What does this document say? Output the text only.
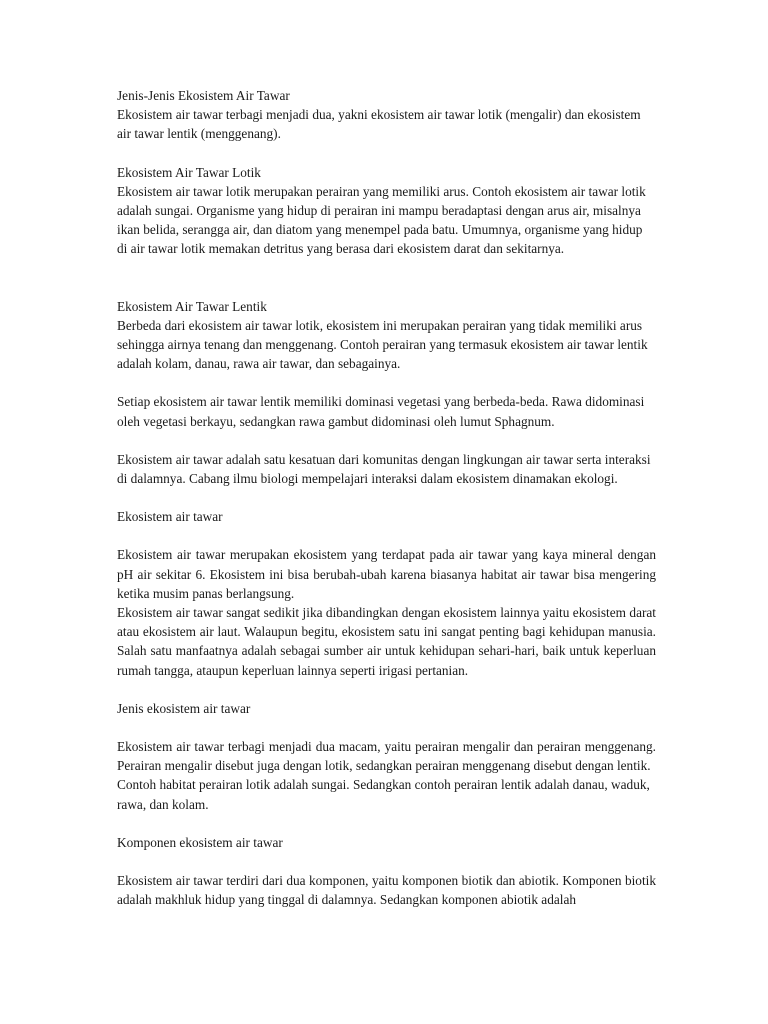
Jenis-Jenis Ekosistem Air Tawar

Ekosistem air tawar terbagi menjadi dua, yakni ekosistem air tawar lotik (mengalir) dan ekosistem air tawar lentik (menggenang).

Ekosistem Air Tawar Lotik

Ekosistem air tawar lotik merupakan perairan yang memiliki arus. Contoh ekosistem air tawar lotik adalah sungai. Organisme yang hidup di perairan ini mampu beradaptasi dengan arus air, misalnya ikan belida, serangga air, dan diatom yang menempel pada batu. Umumnya, organisme yang hidup di air tawar lotik memakan detritus yang berasa dari ekosistem darat dan sekitarnya.

Ekosistem Air Tawar Lentik

Berbeda dari ekosistem air tawar lotik, ekosistem ini merupakan perairan yang tidak memiliki arus sehingga airnya tenang dan menggenang. Contoh perairan yang termasuk ekosistem air tawar lentik adalah kolam, danau, rawa air tawar, dan sebagainya.

Setiap ekosistem air tawar lentik memiliki dominasi vegetasi yang berbeda-beda. Rawa didominasi oleh vegetasi berkayu, sedangkan rawa gambut didominasi oleh lumut Sphagnum.

Ekosistem air tawar adalah satu kesatuan dari komunitas dengan lingkungan air tawar serta interaksi di dalamnya. Cabang ilmu biologi mempelajari interaksi dalam ekosistem dinamakan ekologi.

Ekosistem air tawar

Ekosistem air tawar merupakan ekosistem yang terdapat pada air tawar yang kaya mineral dengan pH air sekitar 6. Ekosistem ini bisa berubah-ubah karena biasanya habitat air tawar bisa mengering ketika musim panas berlangsung.

Ekosistem air tawar sangat sedikit jika dibandingkan dengan ekosistem lainnya yaitu ekosistem darat atau ekosistem air laut. Walaupun begitu, ekosistem satu ini sangat penting bagi kehidupan manusia. Salah satu manfaatnya adalah sebagai sumber air untuk kehidupan sehari-hari, baik untuk keperluan rumah tangga, ataupun keperluan lainnya seperti irigasi pertanian.

Jenis ekosistem air tawar

Ekosistem air tawar terbagi menjadi dua macam, yaitu perairan mengalir dan perairan menggenang. Perairan mengalir disebut juga dengan lotik, sedangkan perairan menggenang disebut dengan lentik.

Contoh habitat perairan lotik adalah sungai. Sedangkan contoh perairan lentik adalah danau, waduk, rawa, dan kolam.

Komponen ekosistem air tawar

Ekosistem air tawar terdiri dari dua komponen, yaitu komponen biotik dan abiotik. Komponen biotik adalah makhluk hidup yang tinggal di dalamnya. Sedangkan komponen abiotik adalah
